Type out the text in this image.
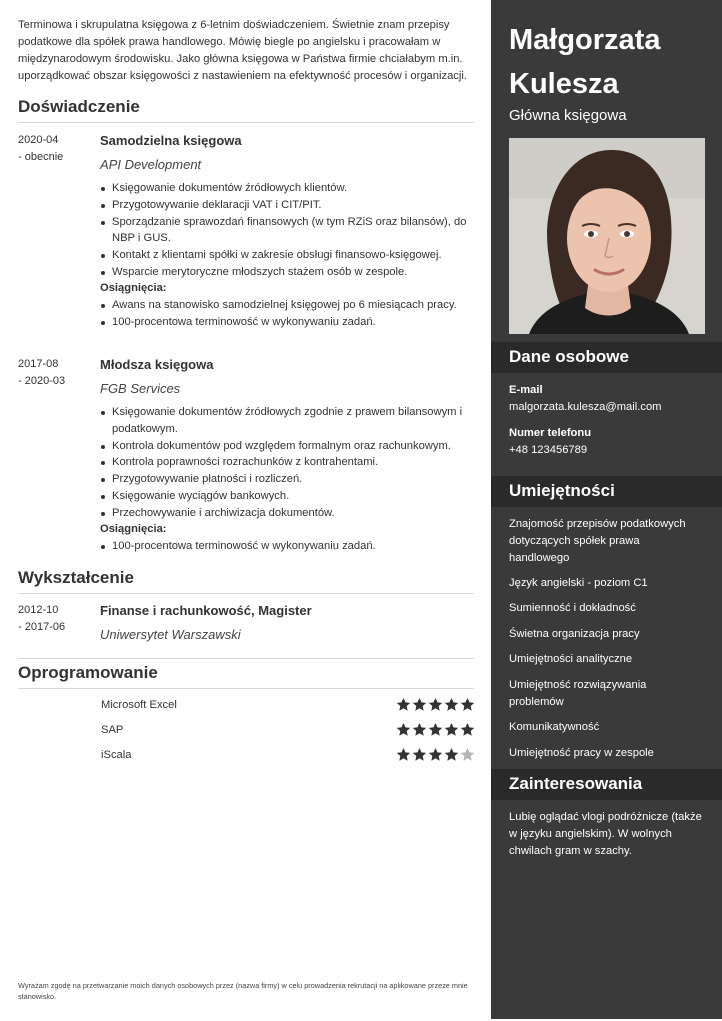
Terminowa i skrupulatna księgowa z 6-letnim doświadczeniem. Świetnie znam przepisy podatkowe dla spółek prawa handlowego. Mówię biegle po angielsku i pracowałam w międzynarodowym środowisku. Jako główna księgowa w Państwa firmie chciałabym m.in. uporządkować obszar księgowości z nastawieniem na efektywność procesów i organizacji.

Doświadczenie
2020-04
- obecnie
Samodzielna księgowa
API Development
Księgowanie dokumentów źródłowych klientów.
Przygotowywanie deklaracji VAT i CIT/PIT.
Sporządzanie sprawozdań finansowych (w tym RZiS oraz bilansów), do NBP i GUS.
Kontakt z klientami spółki w zakresie obsługi finansowo-księgowej.
Wsparcie merytoryczne młodszych stażem osób w zespole.
Osiągnięcia:
Awans na stanowisko samodzielnej księgowej po 6 miesiącach pracy.
100-procentowa terminowość w wykonywaniu zadań.
2017-08
- 2020-03
Młodsza księgowa
FGB Services
Księgowanie dokumentów źródłowych zgodnie z prawem bilansowym i podatkowym.
Kontrola dokumentów pod względem formalnym oraz rachunkowym.
Kontrola poprawności rozrachunków z kontrahentami.
Przygotowywanie płatności i rozliczeń.
Księgowanie wyciągów bankowych.
Przechowywanie i archiwizacja dokumentów.
Osiągnięcia:
100-procentowa terminowość w wykonywaniu zadań.
Wykształcenie
2012-10
- 2017-06
Finanse i rachunkowość, Magister
Uniwersytet Warszawski
Oprogramowanie
Microsoft Excel
SAP
iScala

Wyrażam zgodę na przetwarzanie moich danych osobowych przez (nazwa firmy) w celu prowadzenia rekrutacji na aplikowane przeze mnie stanowisko.

Małgorzata
Kulesza
Główna księgowa
Dane osobowe
E-mail
malgorzata.kulesza@mail.com
Numer telefonu
+48 123456789
Umiejętności
Znajomość przepisów podatkowych dotyczących spółek prawa handlowego
Język angielski - poziom C1
Sumienność i dokładność
Świetna organizacja pracy
Umiejętności analityczne
Umiejętność rozwiązywania problemów
Komunikatywność
Umiejętność pracy w zespole
Zainteresowania

Lubię oglądać vlogi podróżnicze (także w języku angielskim). W wolnych chwilach gram w szachy.
